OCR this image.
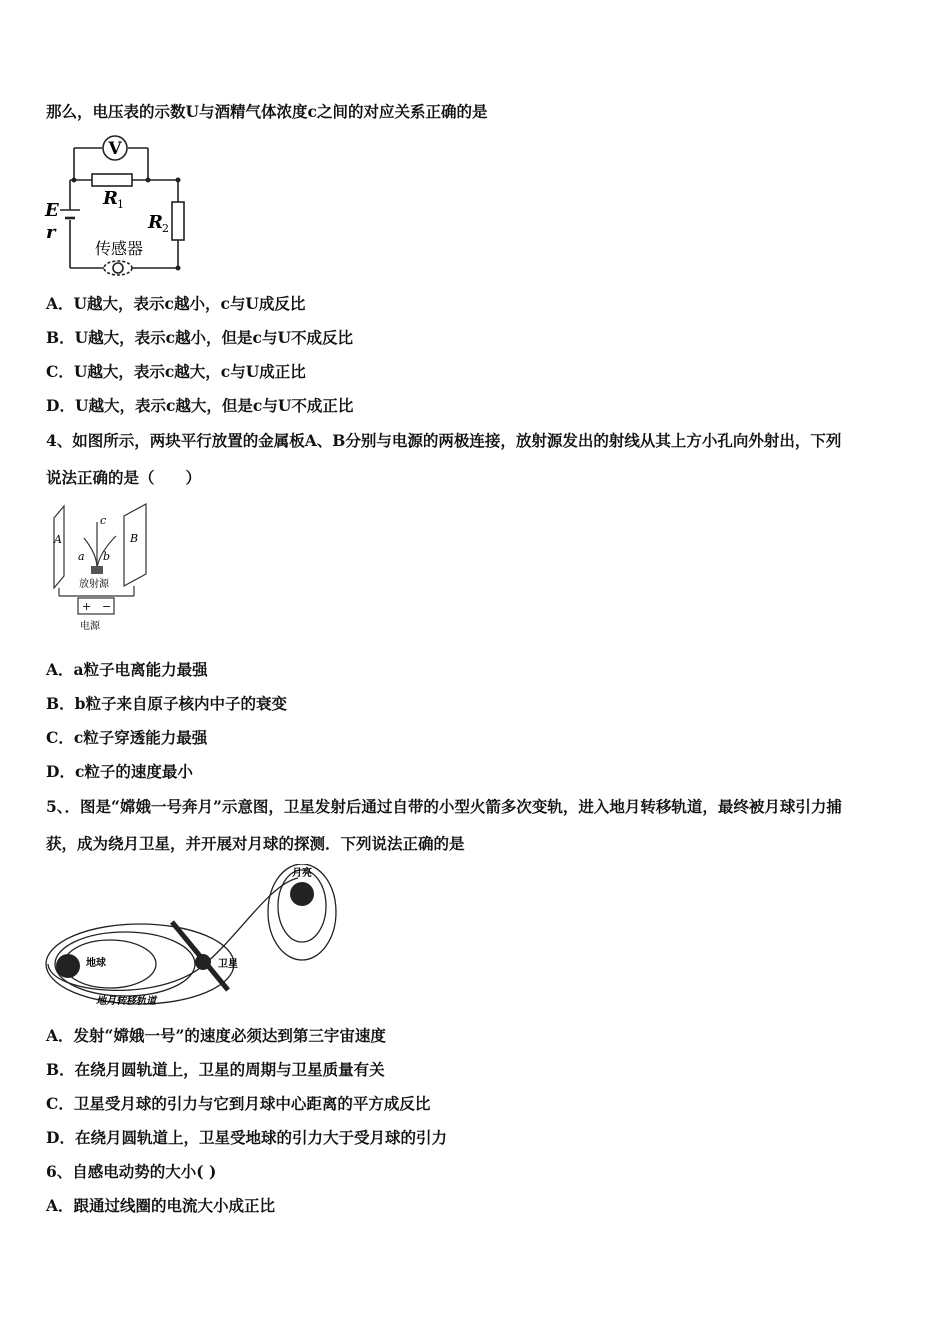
那么，电压表的示数U与酒精气体浓度c之间的对应关系正确的是
V
R 1
R 2
E
r
传感器
A．U越大，表示c越小，c与U成反比
B．U越大，表示c越小，但是c与U不成反比
C．U越大，表示c越大，c与U成正比
D．U越大，表示c越大，但是c与U不成正比
4、如图所示，两块平行放置的金属板A、B分别与电源的两极连接，放射源发出的射线从其上方小孔向外射出，下列
说法正确的是（　　）
A	B
a b
c
放射源
+ −
电源
A．a粒子电离能力最强
B．b粒子来自原子核内中子的衰变
C．c粒子穿透能力最强
D．c粒子的速度最小
5、．图是“嫦娥一号奔月”示意图，卫星发射后通过自带的小型火箭多次变轨，进入地月转移轨道，最终被月球引力捕
获，成为绕月卫星，并开展对月球的探测．下列说法正确的是
地球
月亮
卫星
地月转移轨道
A．发射“嫦娥一号”的速度必须达到第三宇宙速度
B．在绕月圆轨道上，卫星的周期与卫星质量有关
C．卫星受月球的引力与它到月球中心距离的平方成反比
D．在绕月圆轨道上，卫星受地球的引力大于受月球的引力
6、自感电动势的大小( )
A．跟通过线圈的电流大小成正比
